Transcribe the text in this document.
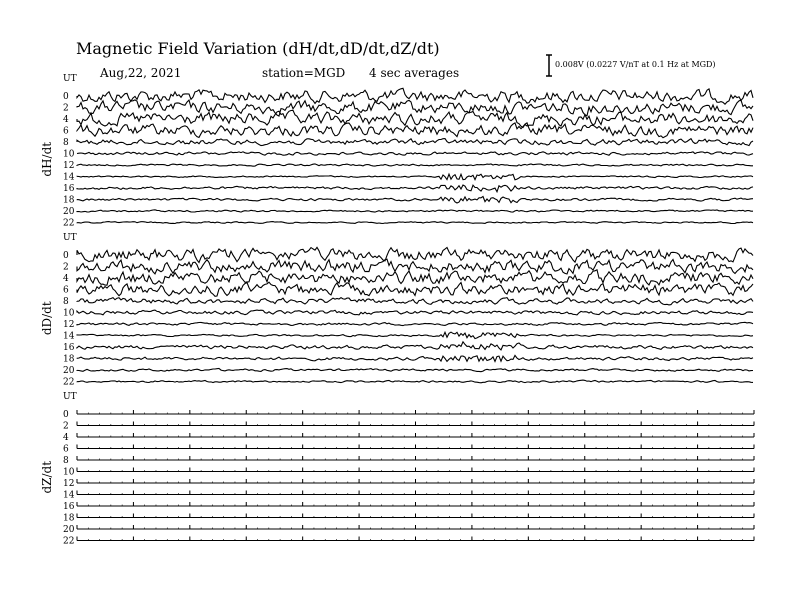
Magnetic Field Variation (dH/dt,dD/dt,dZ/dt)
Aug,22, 2021	station=MGD 4 sec averages
0.008V (0.0227 V/nT at 0.1 Hz at MGD)
UT
dH/dt
0
2
4
6
8
10
12
14
16
18
20
22
UT
dD/dt
0
2
4
6
8
10
12
14
16
18
20
22
UT
dZ/dt
0
2
4
6
8
10
12
14
16
18
20
22
